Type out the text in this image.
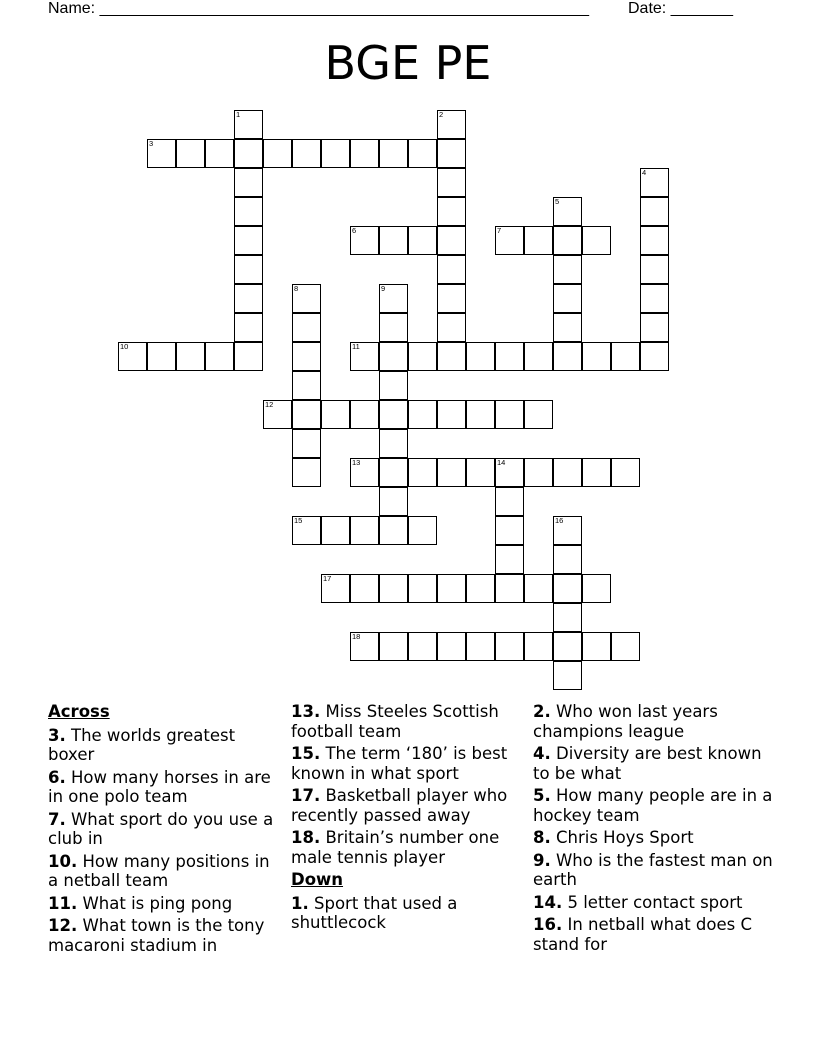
Name: _______________________________________________________ Date: _______
BGE PE
1	2
3
4
5
6	7
8	9
10	11
12
13	14
15	16
17
18
Across
3. The worlds greatest boxer
6. How many horses in are in one polo team
7. What sport do you use a club in
10. How many positions in a netball team
11. What is ping pong
12. What town is the tony macaroni stadium in
13. Miss Steeles Scottish football team
15. The term ‘180’ is best known in what sport
17. Basketball player who recently passed away
18. Britain’s number one male tennis player
Down
1. Sport that used a shuttlecock
2. Who won last years champions league
4. Diversity are best known to be what
5. How many people are in a hockey team
8. Chris Hoys Sport
9. Who is the fastest man on earth
14. 5 letter contact sport
16. In netball what does C stand for
